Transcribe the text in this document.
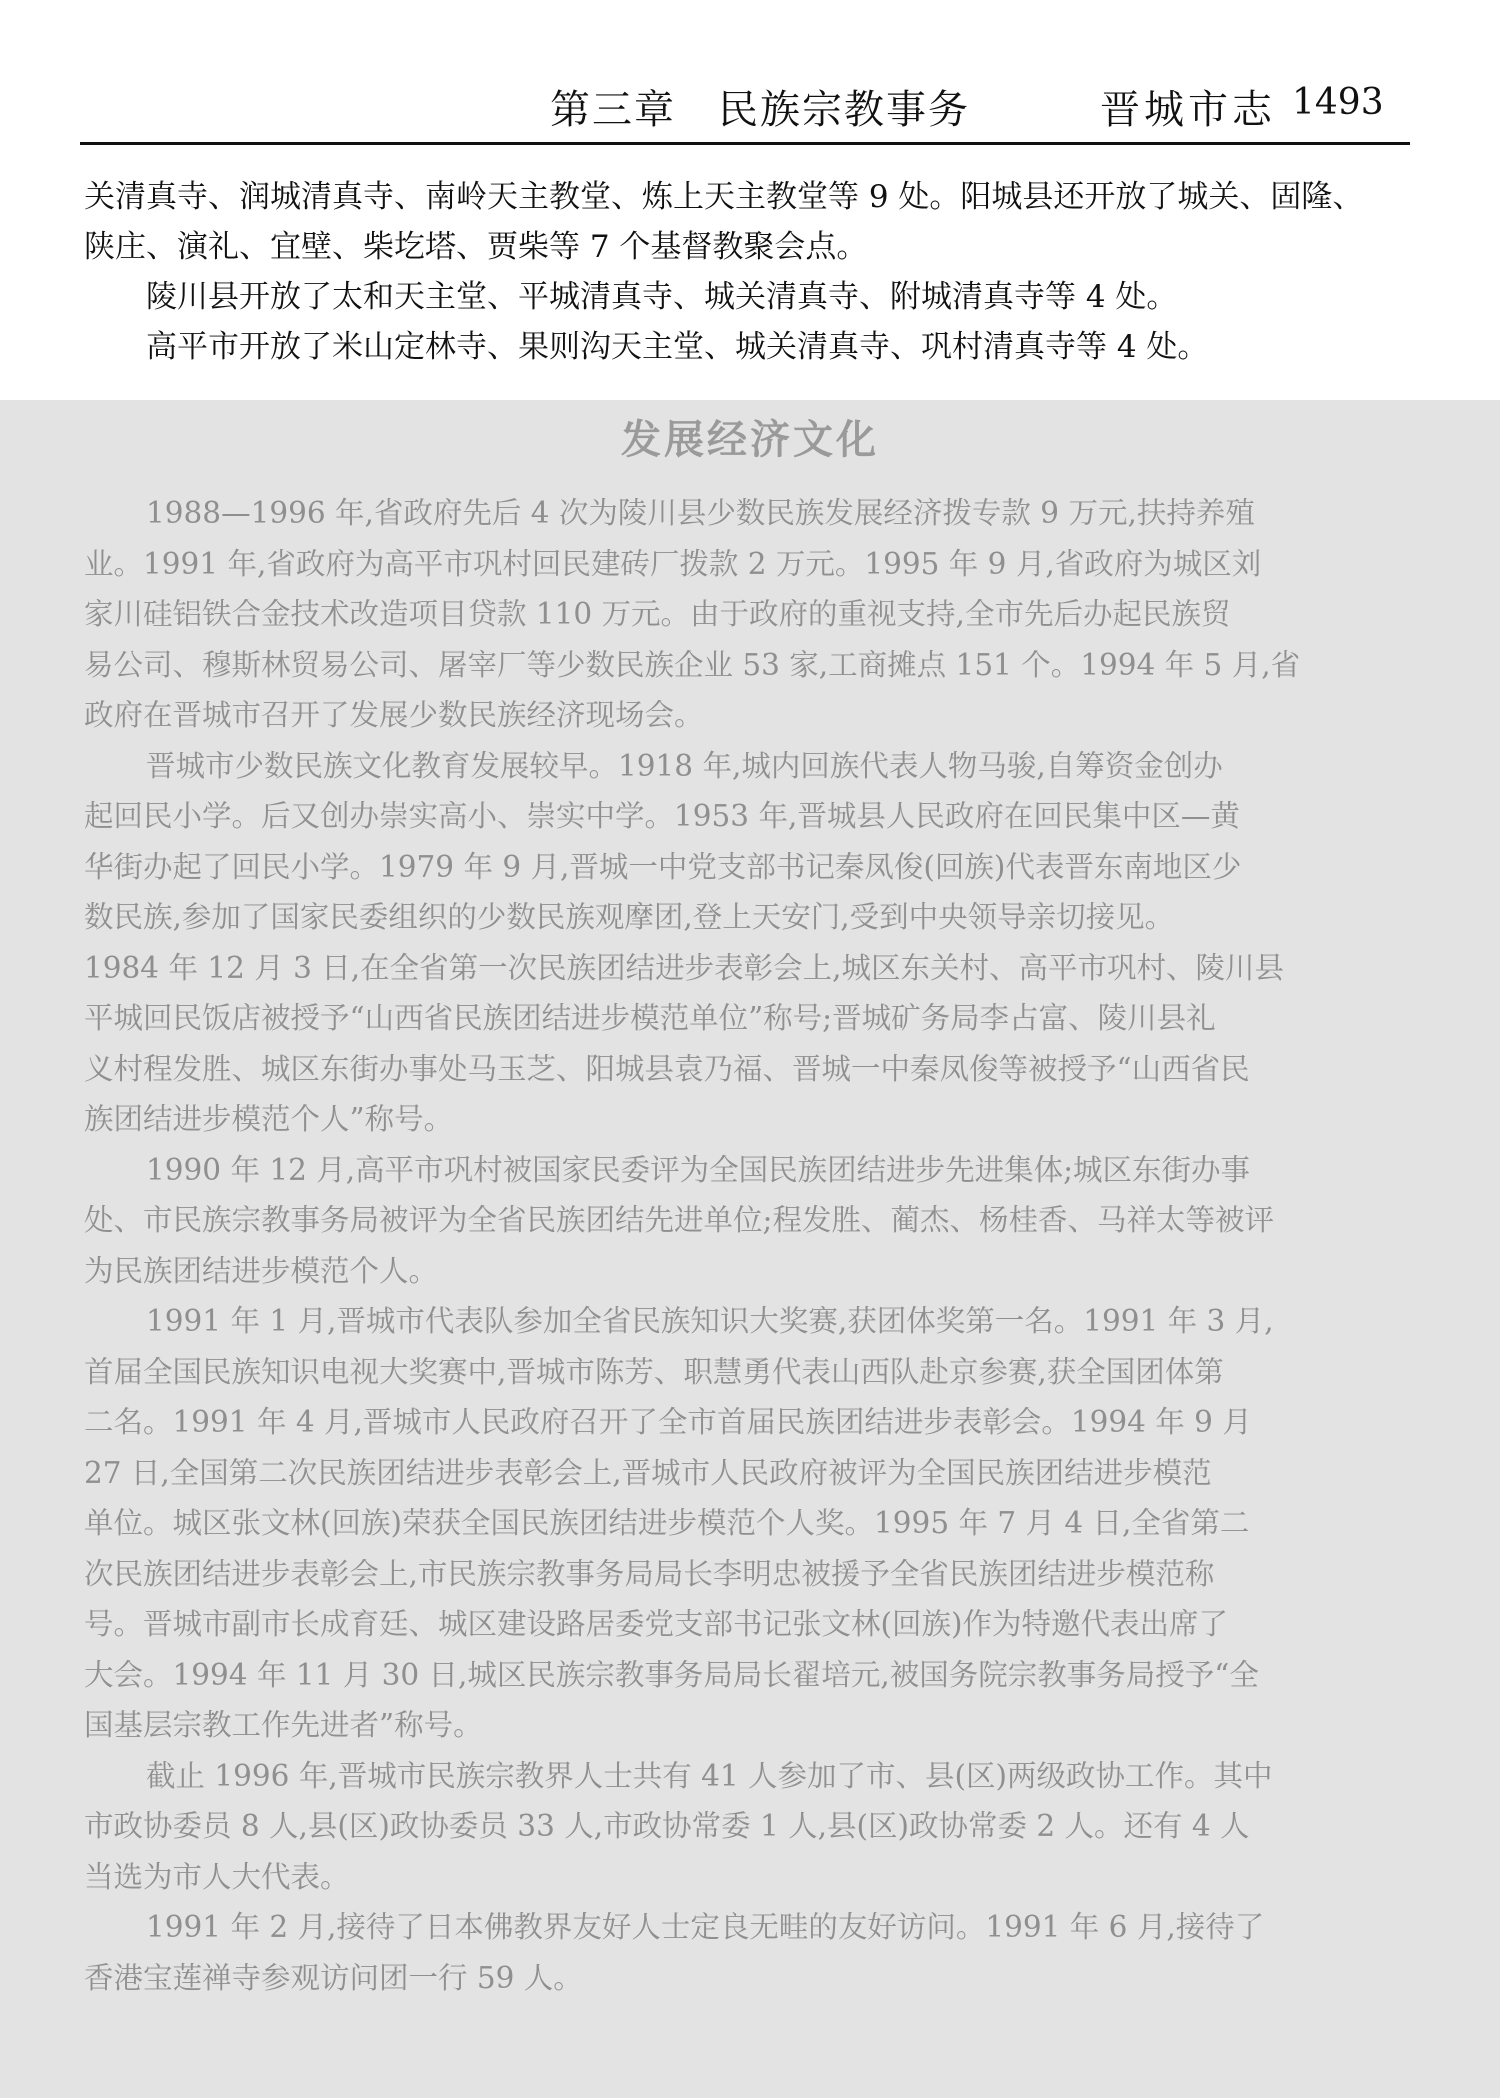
第三章　民族宗教事务	晋城市志 1493

关清真寺、润城清真寺、南岭天主教堂、炼上天主教堂等 9 处。阳城县还开放了城关、固隆、

陕庄、演礼、宜壁、柴圪塔、贾柴等 7 个基督教聚会点。

陵川县开放了太和天主堂、平城清真寺、城关清真寺、附城清真寺等 4 处。

高平市开放了米山定林寺、果则沟天主堂、城关清真寺、巩村清真寺等 4 处。

发展经济文化

1988—1996 年,省政府先后 4 次为陵川县少数民族发展经济拨专款 9 万元,扶持养殖

业。1991 年,省政府为高平市巩村回民建砖厂拨款 2 万元。1995 年 9 月,省政府为城区刘

家川硅铝铁合金技术改造项目贷款 110 万元。由于政府的重视支持,全市先后办起民族贸

易公司、穆斯林贸易公司、屠宰厂等少数民族企业 53 家,工商摊点 151 个。1994 年 5 月,省

政府在晋城市召开了发展少数民族经济现场会。

晋城市少数民族文化教育发展较早。1918 年,城内回族代表人物马骏,自筹资金创办

起回民小学。后又创办崇实高小、崇实中学。1953 年,晋城县人民政府在回民集中区—黄

华街办起了回民小学。1979 年 9 月,晋城一中党支部书记秦凤俊(回族)代表晋东南地区少

数民族,参加了国家民委组织的少数民族观摩团,登上天安门,受到中央领导亲切接见。

1984 年 12 月 3 日,在全省第一次民族团结进步表彰会上,城区东关村、高平市巩村、陵川县

平城回民饭店被授予“山西省民族团结进步模范单位”称号;晋城矿务局李占富、陵川县礼

义村程发胜、城区东街办事处马玉芝、阳城县袁乃福、晋城一中秦凤俊等被授予“山西省民

族团结进步模范个人”称号。

1990 年 12 月,高平市巩村被国家民委评为全国民族团结进步先进集体;城区东街办事

处、市民族宗教事务局被评为全省民族团结先进单位;程发胜、蔺杰、杨桂香、马祥太等被评

为民族团结进步模范个人。

1991 年 1 月,晋城市代表队参加全省民族知识大奖赛,获团体奖第一名。1991 年 3 月,

首届全国民族知识电视大奖赛中,晋城市陈芳、职慧勇代表山西队赴京参赛,获全国团体第

二名。1991 年 4 月,晋城市人民政府召开了全市首届民族团结进步表彰会。1994 年 9 月

27 日,全国第二次民族团结进步表彰会上,晋城市人民政府被评为全国民族团结进步模范

单位。城区张文林(回族)荣获全国民族团结进步模范个人奖。1995 年 7 月 4 日,全省第二

次民族团结进步表彰会上,市民族宗教事务局局长李明忠被援予全省民族团结进步模范称

号。晋城市副市长成育廷、城区建设路居委党支部书记张文林(回族)作为特邀代表出席了

大会。1994 年 11 月 30 日,城区民族宗教事务局局长翟培元,被国务院宗教事务局授予“全

国基层宗教工作先进者”称号。

截止 1996 年,晋城市民族宗教界人士共有 41 人参加了市、县(区)两级政协工作。其中

市政协委员 8 人,县(区)政协委员 33 人,市政协常委 1 人,县(区)政协常委 2 人。还有 4 人

当选为市人大代表。

1991 年 2 月,接待了日本佛教界友好人士定良无畦的友好访问。1991 年 6 月,接待了

香港宝莲禅寺参观访问团一行 59 人。
